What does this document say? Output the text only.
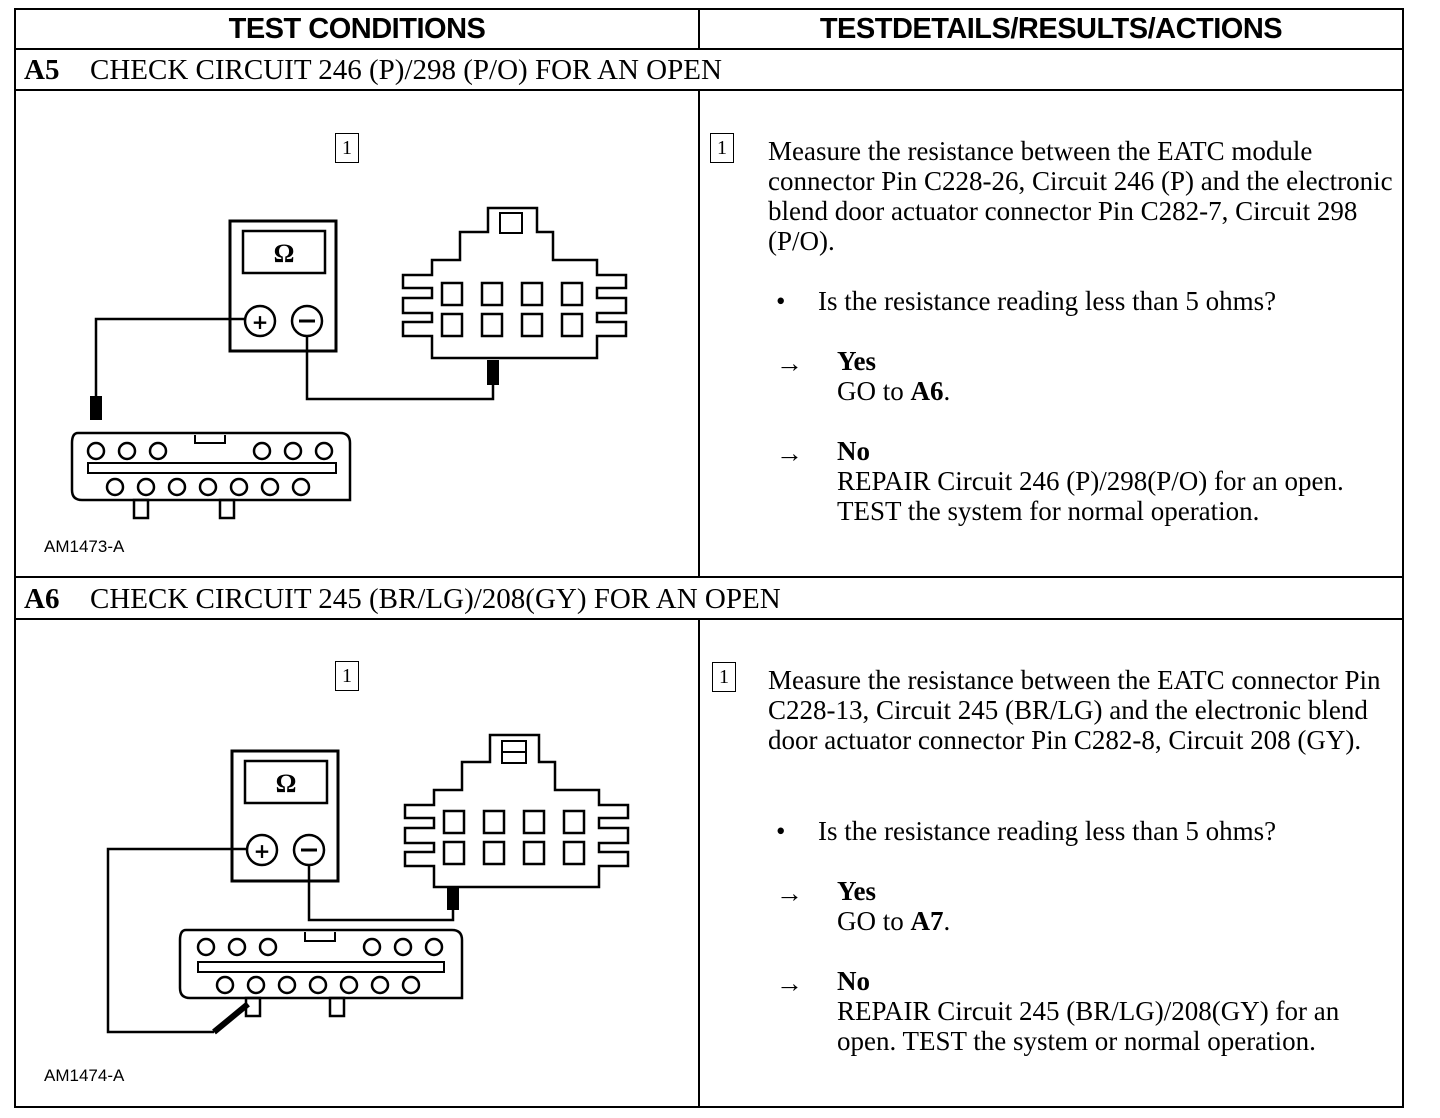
TEST CONDITIONS	TESTDETAILS/RESULTS/ACTIONS
A5	CHECK CIRCUIT 246 (P)/298 (P/O) FOR AN OPEN
1
Ω
+
AM1473-A
1 Measure the resistance between the EATC module connector Pin C228-26, Circuit 246 (P) and the electronic blend door actuator connector Pin C282-7, Circuit 298 (P/O).
• Is the resistance reading less than 5 ohms?
→ Yes
GO to A6.
→ No
REPAIR Circuit 246 (P)/298(P/O) for an open. TEST the system for normal operation.
A6	CHECK CIRCUIT 245 (BR/LG)/208(GY) FOR AN OPEN
1
Ω
+
AM1474-A
1 Measure the resistance between the EATC connector Pin C228-13, Circuit 245 (BR/LG) and the electronic blend door actuator connector Pin C282-8, Circuit 208 (GY).
• Is the resistance reading less than 5 ohms?
→ Yes
GO to A7.
→ No
REPAIR Circuit 245 (BR/LG)/208(GY) for an open. TEST the system or normal operation.
